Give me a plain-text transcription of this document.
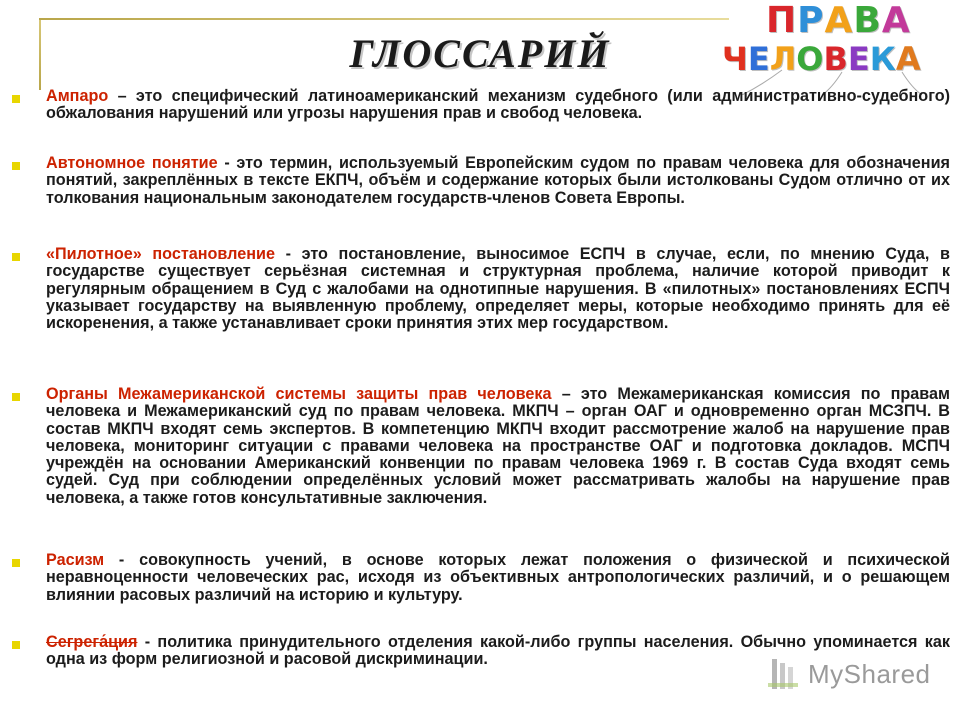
ГЛОССАРИЙ
П Р А В А
Ч Е Л О В Е К А

Ампаро – это специфический латиноамериканский механизм судебного (или административно-судебного) обжалования нарушений или угрозы нарушения прав и свобод человека.

Автономное понятие - это термин, используемый Европейским судом по правам человека для обозначения понятий, закреплённых в тексте ЕКПЧ, объём и содержание которых были истолкованы Судом отлично от их толкования национальным законодателем государств-членов Совета Европы.

«Пилотное» постановление - это постановление, выносимое ЕСПЧ в случае, если, по мнению Суда, в государстве существует серьёзная системная и структурная проблема, наличие которой приводит к регулярным обращением в Суд с жалобами на однотипные нарушения. В «пилотных» постановлениях ЕСПЧ указывает государству на выявленную проблему, определяет меры, которые необходимо принять для её искоренения, а также устанавливает сроки принятия этих мер государством.

Органы Межамериканской системы защиты прав человека – это Межамериканская комиссия по правам человека и Межамериканский суд по правам человека. МКПЧ – орган ОАГ и одновременно орган МСЗПЧ. В состав МКПЧ входят семь экспертов. В компетенцию МКПЧ входит рассмотрение жалоб на нарушение прав человека, мониторинг ситуации с правами человека на пространстве ОАГ и подготовка докладов. МСПЧ учреждён на основании Американский конвенции по правам человека 1969 г. В состав Суда входят семь судей. Суд при соблюдении определённых условий может рассматривать жалобы на нарушение прав человека, а также готов консультативные заключения.

Расизм - совокупность учений, в основе которых лежат положения о физической и психической неравноценности человеческих рас, исходя из объективных антропологических различий, и о решающем влиянии расовых различий на историю и культуру.

Сегрега́ция - политика принудительного отделения какой-либо группы населения. Обычно упоминается как одна из форм религиозной и расовой дискриминации.	MyShared
